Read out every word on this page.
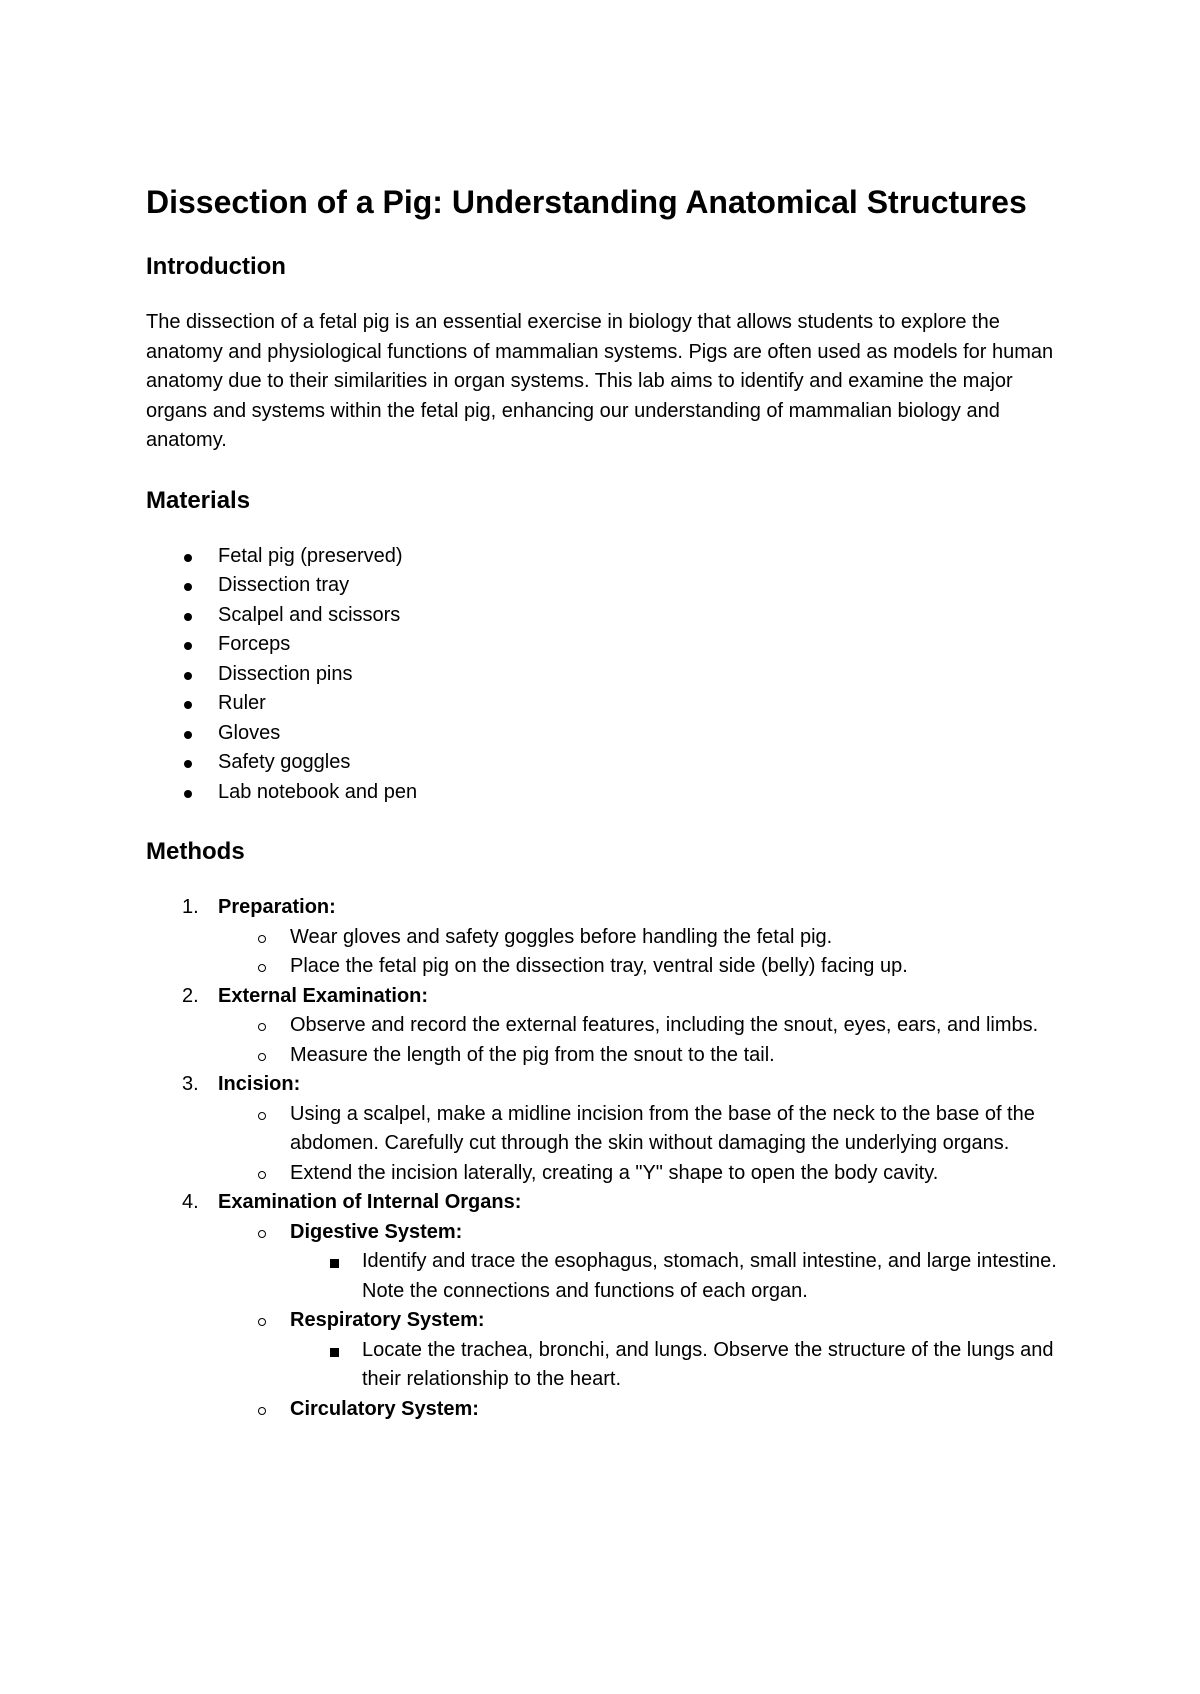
Dissection of a Pig: Understanding Anatomical Structures
Introduction

The dissection of a fetal pig is an essential exercise in biology that allows students to explore the anatomy and physiological functions of mammalian systems. Pigs are often used as models for human anatomy due to their similarities in organ systems. This lab aims to identify and examine the major organs and systems within the fetal pig, enhancing our understanding of mammalian biology and anatomy.

Materials
Fetal pig (preserved)
Dissection tray
Scalpel and scissors
Forceps
Dissection pins
Ruler
Gloves
Safety goggles
Lab notebook and pen
Methods
1. Preparation:
Wear gloves and safety goggles before handling the fetal pig.
Place the fetal pig on the dissection tray, ventral side (belly) facing up.
2. External Examination:
Observe and record the external features, including the snout, eyes, ears, and limbs.
Measure the length of the pig from the snout to the tail.
3. Incision:
Using a scalpel, make a midline incision from the base of the neck to the base of the abdomen. Carefully cut through the skin without damaging the underlying organs.
Extend the incision laterally, creating a "Y" shape to open the body cavity.
4. Examination of Internal Organs:
Digestive System:
Identify and trace the esophagus, stomach, small intestine, and large intestine. Note the connections and functions of each organ.
Respiratory System:
Locate the trachea, bronchi, and lungs. Observe the structure of the lungs and their relationship to the heart.
Circulatory System:
